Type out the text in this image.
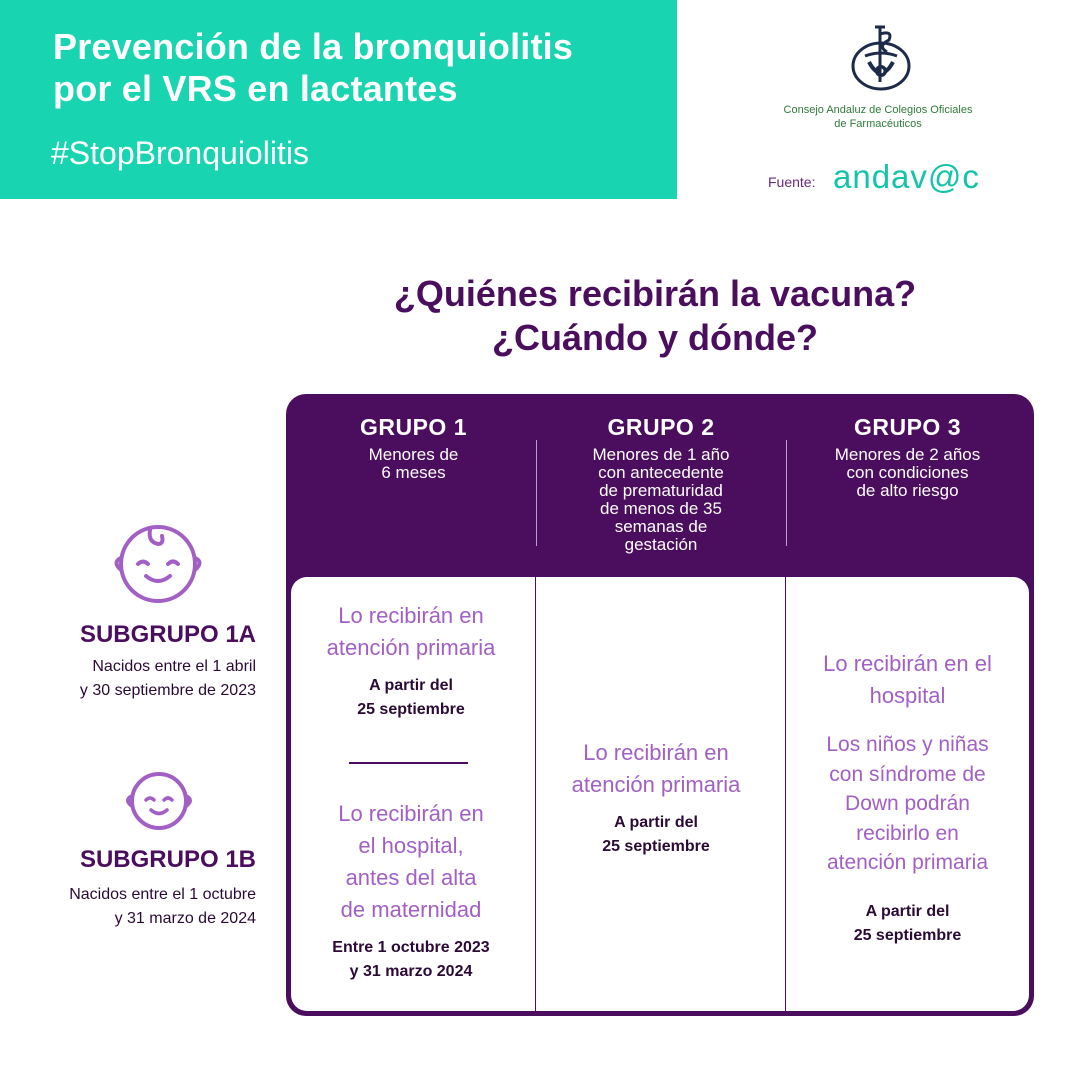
Prevención de la bronquiolitis
por el VRS en lactantes
#StopBronquiolitis
Consejo Andaluz de Colegios Oficiales
de Farmacéuticos
Fuente: andav@c
¿Quiénes recibirán la vacuna?
¿Cuándo y dónde?
GRUPO 1
Menores de
6 meses
GRUPO 2
Menores de 1 año
con antecedente
de prematuridad
de menos de 35
semanas de
gestación
GRUPO 3
Menores de 2 años
con condiciones
de alto riesgo
Lo recibirán en
atención primaria
A partir del
25 septiembre
Lo recibirán en
el hospital,
antes del alta
de maternidad
Entre 1 octubre 2023
y 31 marzo 2024
Lo recibirán en
atención primaria
A partir del
25 septiembre
Lo recibirán en el
hospital
Los niños y niñas
con síndrome de
Down podrán
recibirlo en
atención primaria
A partir del
25 septiembre
SUBGRUPO 1A
Nacidos entre el 1 abril
y 30 septiembre de 2023
SUBGRUPO 1B
Nacidos entre el 1 octubre
y 31 marzo de 2024
